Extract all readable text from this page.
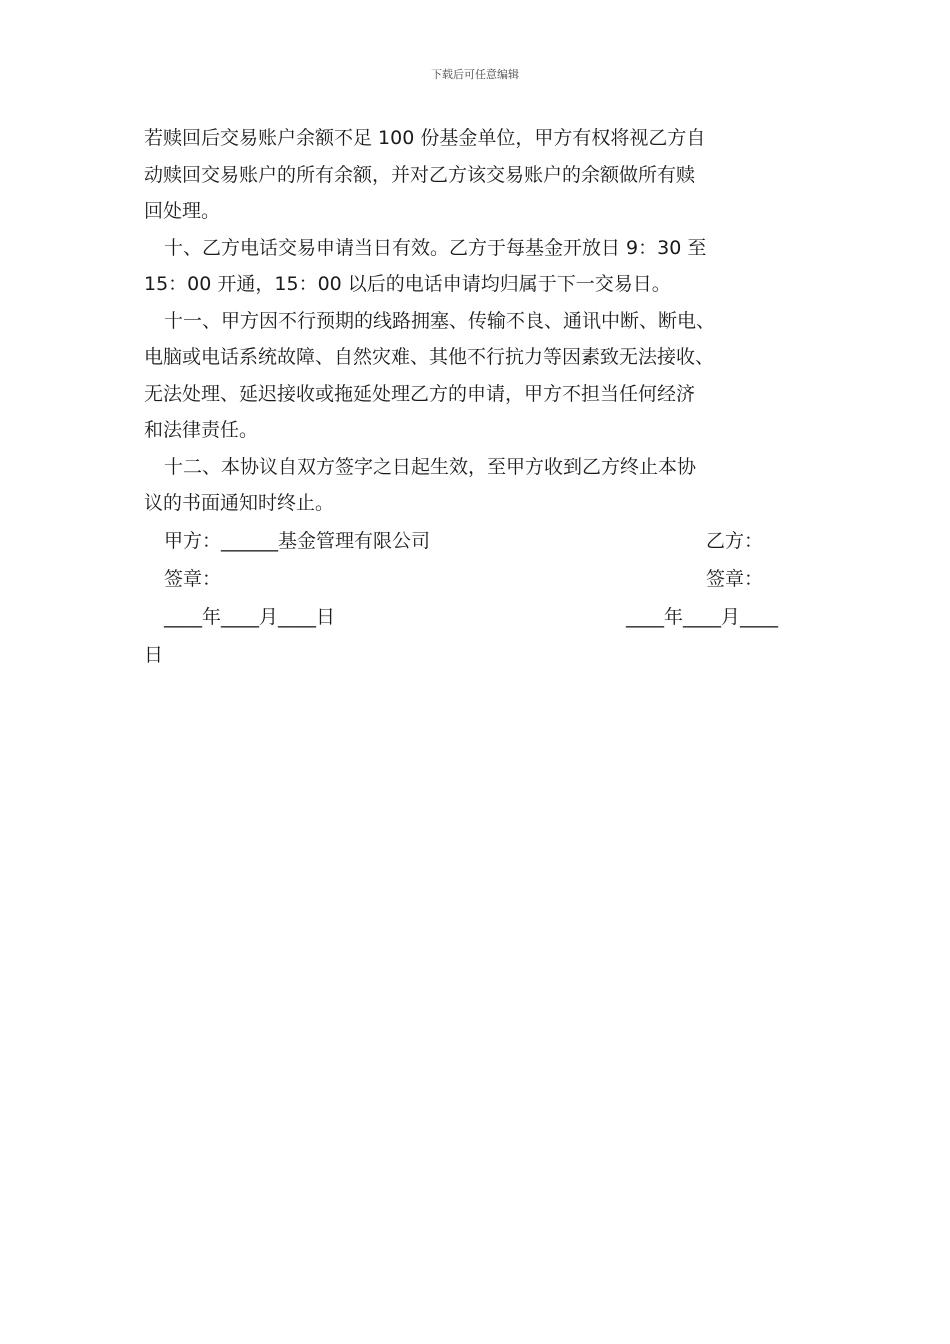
下载后可任意编辑

若赎回后交易账户余额不足 100 份基金单位，甲方有权将视乙方自
动赎回交易账户的所有余额，并对乙方该交易账户的余额做所有赎
回处理。

十、乙方电话交易申请当日有效。乙方于每基金开放日 9：30 至
15：00 开通，15：00 以后的电话申请均归属于下一交易日。

十一、甲方因不行预期的线路拥塞、传输不良、通讯中断、断电、
电脑或电话系统故障、自然灾难、其他不行抗力等因素致无法接收、
无法处理、延迟接收或拖延处理乙方的申请，甲方不担当任何经济
和法律责任。

十二、本协议自双方签字之日起生效，至甲方收到乙方终止本协
议的书面通知时终止。

甲方：______基金管理有限公司	乙方：
签章：	签章：
____年____月____日	____年____月____
日
